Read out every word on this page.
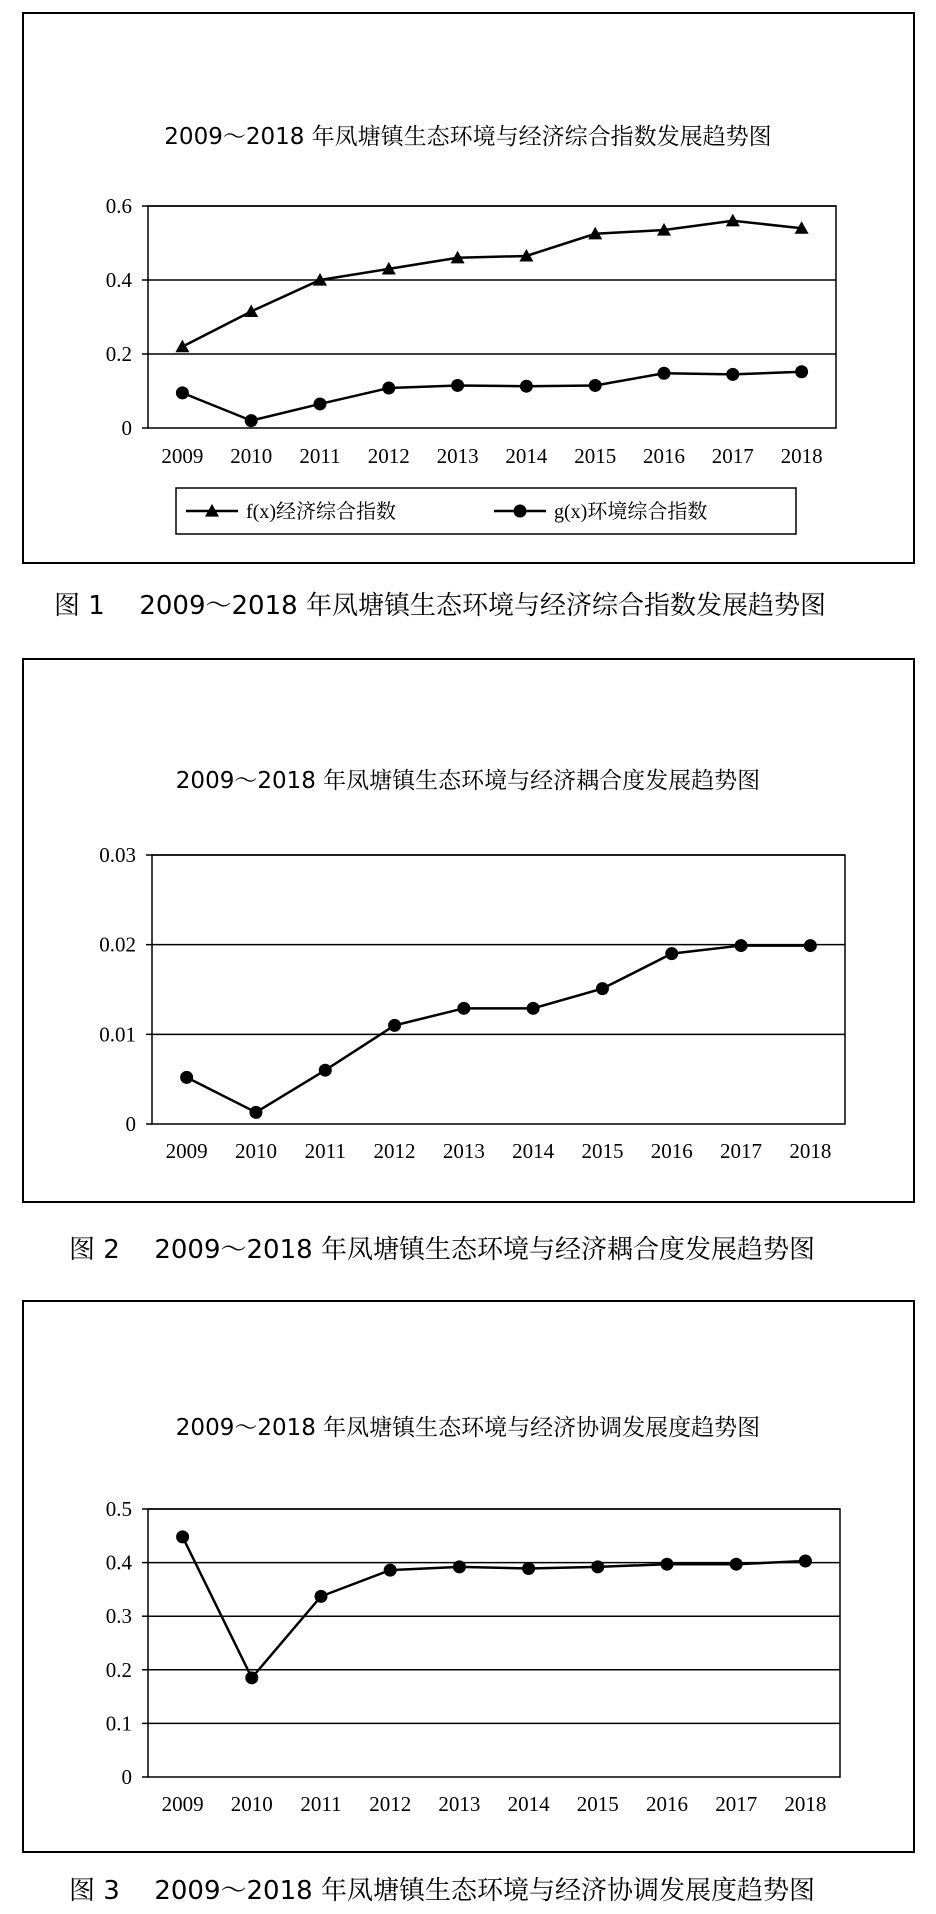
2009～2018 年凤塘镇生态环境与经济综合指数发展趋势图
0
0.2
0.4
0.6
2009 2010 2011 2012 2013 2014 2015 2016 2017 2018
f(x)经济综合指数	g(x)环境综合指数
图 1 2009～2018 年凤塘镇生态环境与经济综合指数发展趋势图
2009～2018 年凤塘镇生态环境与经济耦合度发展趋势图
0
0.01
0.02
0.03
2009 2010 2011 2012 2013 2014 2015 2016 2017 2018
图 2 2009～2018 年凤塘镇生态环境与经济耦合度发展趋势图
2009～2018 年凤塘镇生态环境与经济协调发展度趋势图
0
0.1
0.2
0.3
0.4
0.5
2009 2010 2011 2012 2013 2014 2015 2016 2017 2018
图 3 2009～2018 年凤塘镇生态环境与经济协调发展度趋势图
